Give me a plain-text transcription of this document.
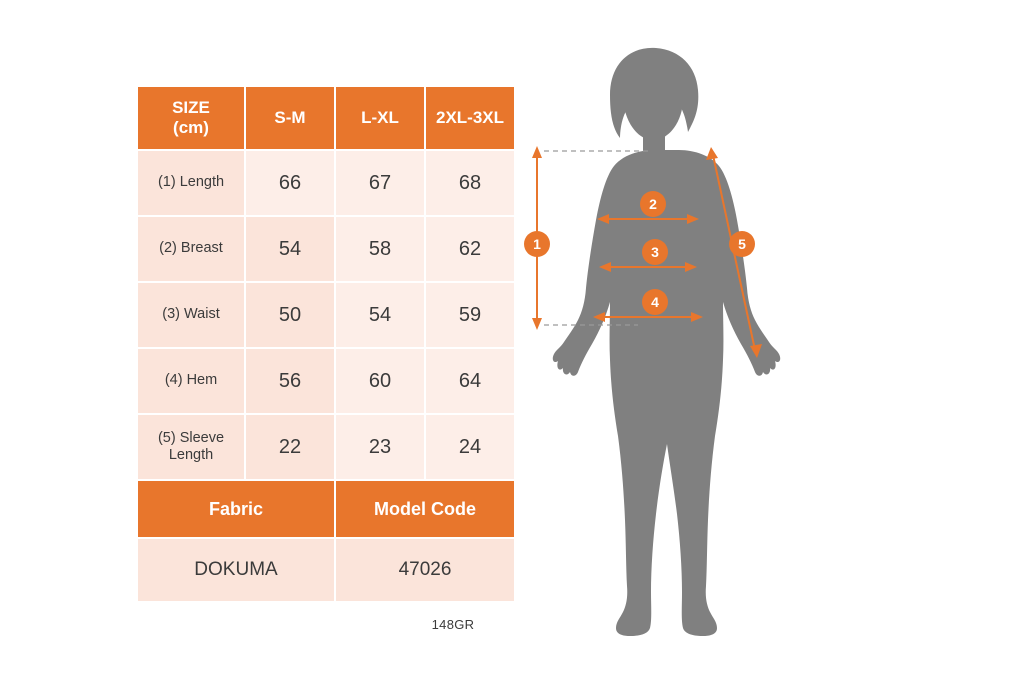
SIZE
(cm)	S-M	L-XL	2XL-3XL
(1) Length	66	67	68
(2) Breast	54	58	62
(3) Waist	50	54	59
(4) Hem	56	60	64
(5) Sleeve Length	22	23	24
Fabric		Model Code	
DOKUMA		47026	
148GR
1
2
3
4
5
